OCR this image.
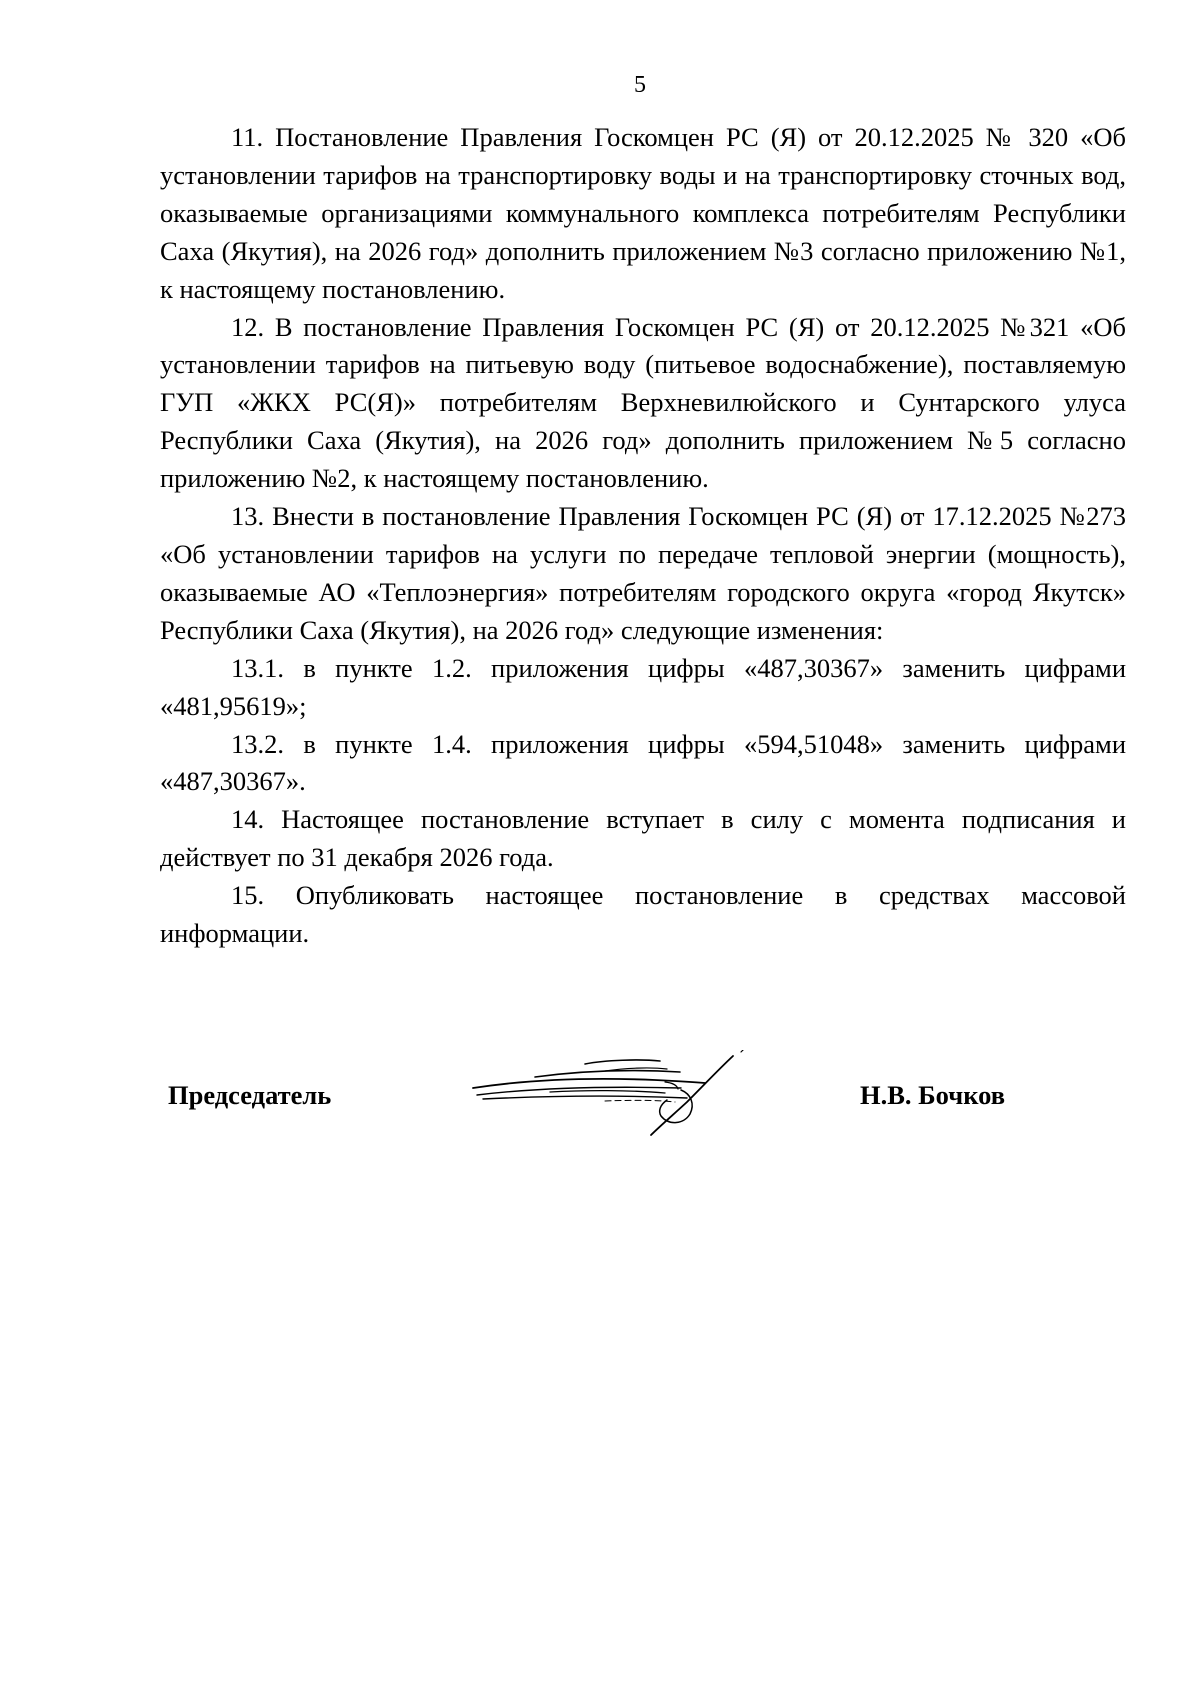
5

11. Постановление Правления Госкомцен РС (Я) от 20.12.2025 № 320 «Об установлении тарифов на транспортировку воды и на транспортировку сточных вод, оказываемые организациями коммунального комплекса потребителям Республики Саха (Якутия), на 2026 год» дополнить приложением №3 согласно приложению №1, к настоящему постановлению.

12. В постановление Правления Госкомцен РС (Я) от 20.12.2025 №321 «Об установлении тарифов на питьевую воду (питьевое водоснабжение), поставляемую ГУП «ЖКХ РС(Я)» потребителям Верхневилюйского и Сунтарского улуса Республики Саха (Якутия), на 2026 год» дополнить приложением №5 согласно приложению №2, к настоящему постановлению.

13. Внести в постановление Правления Госкомцен РС (Я) от 17.12.2025 №273 «Об установлении тарифов на услуги по передаче тепловой энергии (мощность), оказываемые АО «Теплоэнергия» потребителям городского округа «город Якутск» Республики Саха (Якутия), на 2026 год» следующие изменения:

13.1. в пункте 1.2. приложения цифры «487,30367» заменить цифрами «481,95619»;

13.2. в пункте 1.4. приложения цифры «594,51048» заменить цифрами «487,30367».

14. Настоящее постановление вступает в силу с момента подписания и действует по 31 декабря 2026 года.

15. Опубликовать настоящее постановление в средствах массовой информации.

Председатель	Н.В. Бочков
